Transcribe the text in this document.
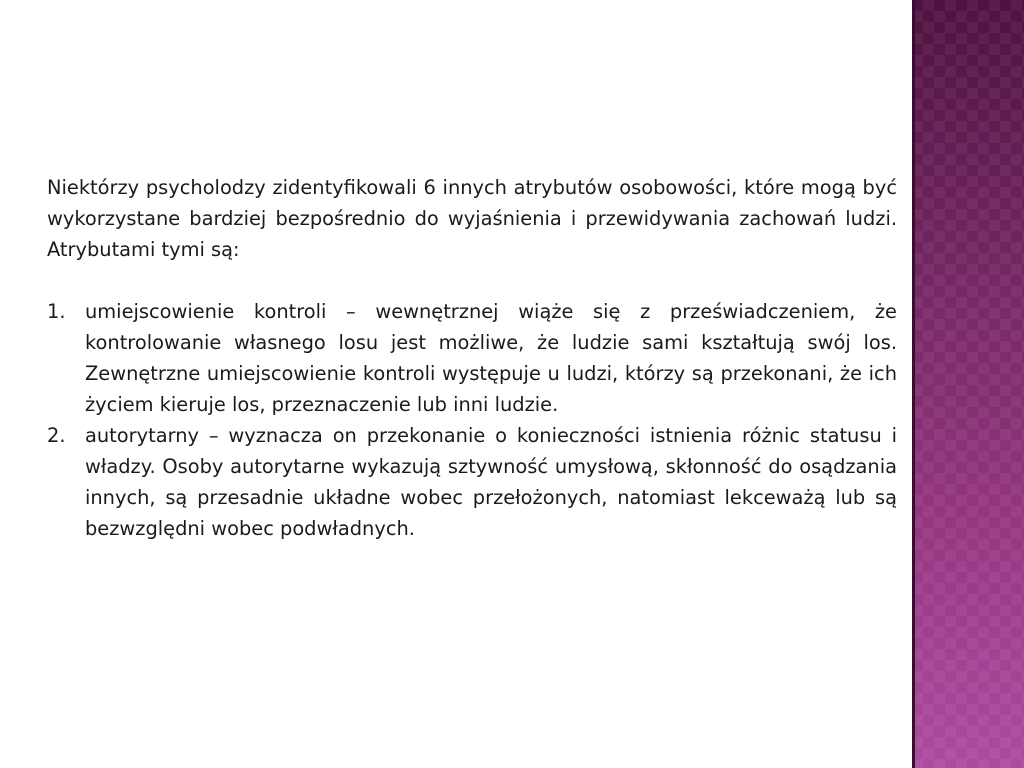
Niektórzy psycholodzy zidentyfikowali 6 innych atrybutów osobowości, które mogą być wykorzystane bardziej bezpośrednio do wyjaśnienia i przewidywania zachowań ludzi. Atrybutami tymi są:

1.	umiejscowienie kontroli – wewnętrznej wiąże się z przeświadczeniem, że kontrolowanie własnego losu jest możliwe, że ludzie sami kształtują swój los. Zewnętrzne umiejscowienie kontroli występuje u ludzi, którzy są przekonani, że ich życiem kieruje los, przeznaczenie lub inni ludzie.
2.	autorytarny – wyznacza on przekonanie o konieczności istnienia różnic statusu i władzy. Osoby autorytarne wykazują sztywność umysłową, skłonność do osądzania innych, są przesadnie układne wobec przełożonych, natomiast lekceważą lub są bezwzględni wobec podwładnych.
